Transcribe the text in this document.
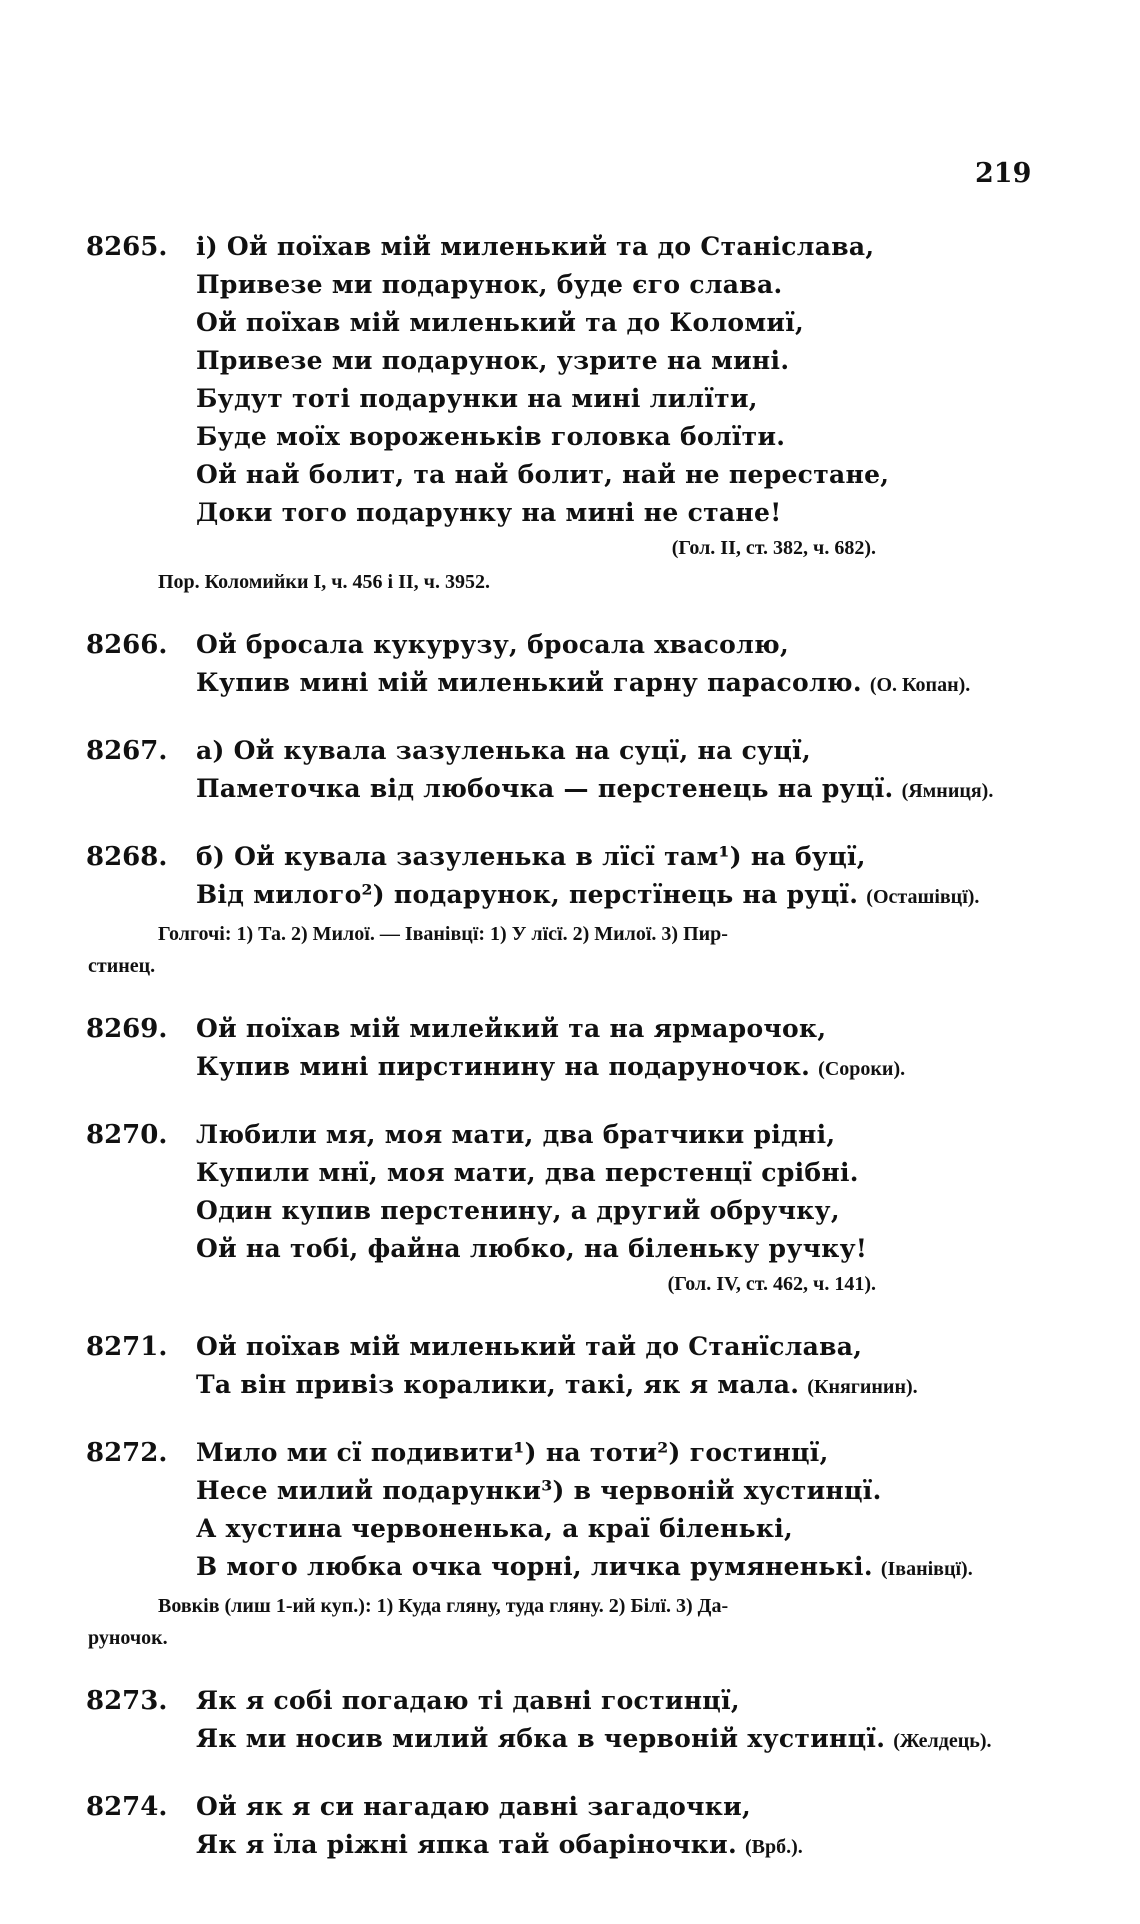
219
8265.	і) Ой поїхав мій миленький та до Станіслава,
Привезе ми подарунок, буде єго слава.
Ой поїхав мій миленький та до Коломиї,
Привезе ми подарунок, узрите на мині.
Будут тоті подарунки на мині лилїти,
Буде моїх вороженьків головка болїти.
Ой най болит, та най болит, най не перестане,
Доки того подарунку на мині не стане!
(Гол. II, ст. 382, ч. 682).
Пор. Коломийки I, ч. 456 і II, ч. 3952.
8266.	Ой бросала кукурузу, бросала хвасолю,
Купив мині мій миленький гарну парасолю. (О. Копан).
8267.	а) Ой кувала зазуленька на суцї, на суцї,
Паметочка від любочка — перстенець на руцї. (Ямниця).
8268.	б) Ой кувала зазуленька в лїсї там¹) на буцї,
Від милого²) подарунок, перстїнець на руцї. (Осташівцї).
Голгочі: 1) Та. 2) Милої. — Іванівцї: 1) У лїсї. 2) Милої. 3) Пир-
стинец.
8269.	Ой поїхав мій милейкий та на ярмарочок,
Купив мині пирстинину на подаруночок. (Сороки).
8270.	Любили мя, моя мати, два братчики рідні,
Купили мнї, моя мати, два перстенцї срібні.
Один купив перстенину, а другий обручку,
Ой на тобі, файна любко, на біленьку ручку!
(Гол. IV, ст. 462, ч. 141).
8271.	Ой поїхав мій миленький тай до Станїслава,
Та він привіз коралики, такі, як я мала. (Княгинин).
8272.	Мило ми сї подивити¹) на тоти²) гостинцї,
Несе милий подарунки³) в червоній хустинцї.
А хустина червоненька, а краї біленькі,
В мого любка очка чорні, личка румяненькі. (Іванівцї).
Вовків (лиш 1-ий куп.): 1) Куда гляну, туда гляну. 2) Білї. 3) Да-
руночок.
8273.	Як я собі погадаю ті давні гостинцї,
Як ми носив милий ябка в червоній хустинцї. (Желдець).
8274.	Ой як я си нагадаю давні загадочки,
Як я їла ріжні япка тай обаріночки. (Врб.).
